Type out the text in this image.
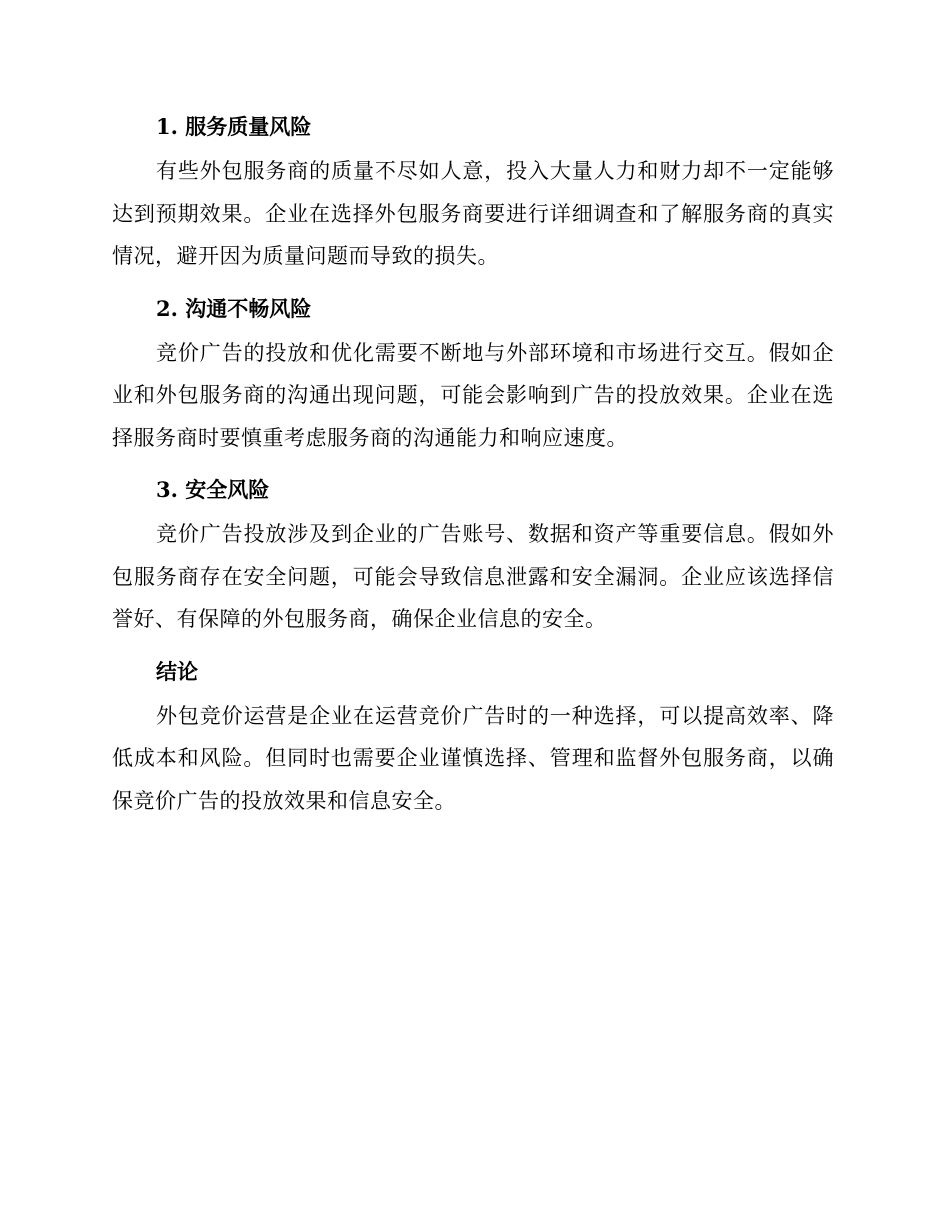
1. 服务质量风险

有些外包服务商的质量不尽如人意，投入大量人力和财力却不一定能够达到预期效果。企业在选择外包服务商要进行详细调查和了解服务商的真实情况，避开因为质量问题而导致的损失。

2. 沟通不畅风险

竞价广告的投放和优化需要不断地与外部环境和市场进行交互。假如企业和外包服务商的沟通出现问题，可能会影响到广告的投放效果。企业在选择服务商时要慎重考虑服务商的沟通能力和响应速度。

3. 安全风险

竞价广告投放涉及到企业的广告账号、数据和资产等重要信息。假如外包服务商存在安全问题，可能会导致信息泄露和安全漏洞。企业应该选择信誉好、有保障的外包服务商，确保企业信息的安全。

结论

外包竞价运营是企业在运营竞价广告时的一种选择，可以提高效率、降低成本和风险。但同时也需要企业谨慎选择、管理和监督外包服务商，以确保竞价广告的投放效果和信息安全。
